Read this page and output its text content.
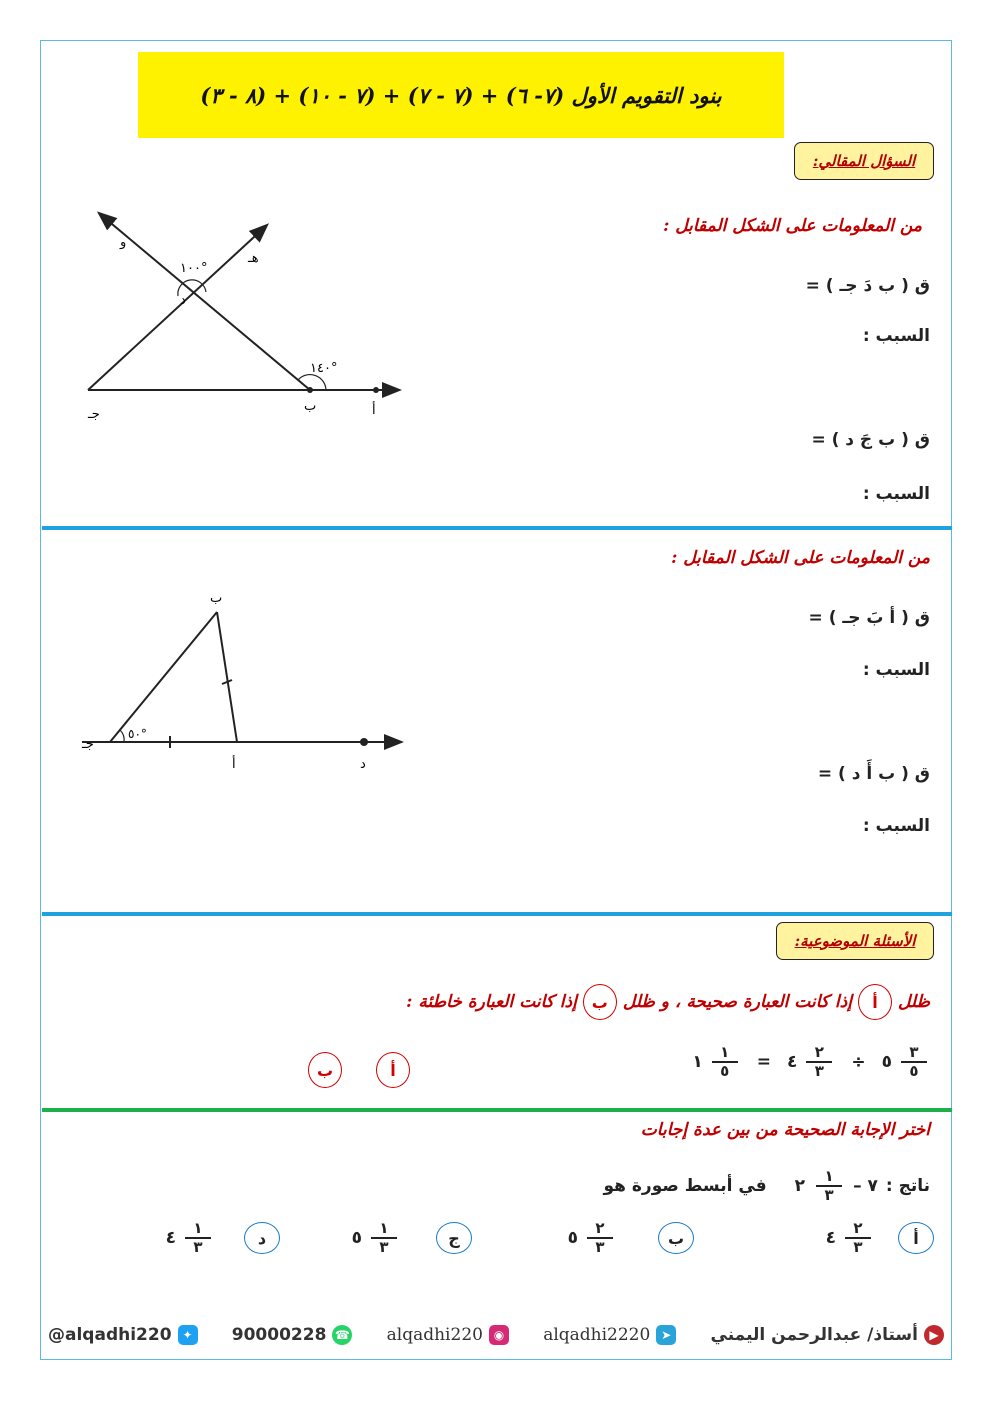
بنود التقويم الأول (٧- ٦) + (٧ - ٧) + (٧ - ١٠) + (٨ - ٣)
السؤال المقالي:
من المعلومات على الشكل المقابل :
ق ( ب دَ جـ ) =
السبب :
ق ( ب جَ د ) =
السبب :
و
هـ
د
١٠٠°
١٤٠°
جـ
ب	أ
من المعلومات على الشكل المقابل :
ق ( أ بَ جـ ) =
السبب :
ق ( ب أَ د ) =
السبب :
ب
جـ
٥٠°
أ	د
الأسئلة الموضوعية:
ظلل
أ
إذا كانت العبارة صحيحة ، و ظلل
ب
إذا كانت العبارة خاطئة :
$\frac{٣}{٥}$
٥
÷
$\frac{٢}{٣}$
٤
=
$\frac{١}{٥}$
١
أ
ب
اختر الإجابة الصحيحة من بين عدة إجابات
ناتج :
٧ –
$\frac{١}{٣}$
٢
في أبسط صورة هو
أ
$\frac{٢}{٣}$
٤
ب
$\frac{٢}{٣}$
٥
ج
$\frac{١}{٣}$
٥
د
$\frac{١}{٣}$
٤
@alqadhi220 ✦ 90000228 ☎ alqadhi220 ◉ alqadhi2220 ➤	▶
أستاذ/ عبدالرحمن اليمني
